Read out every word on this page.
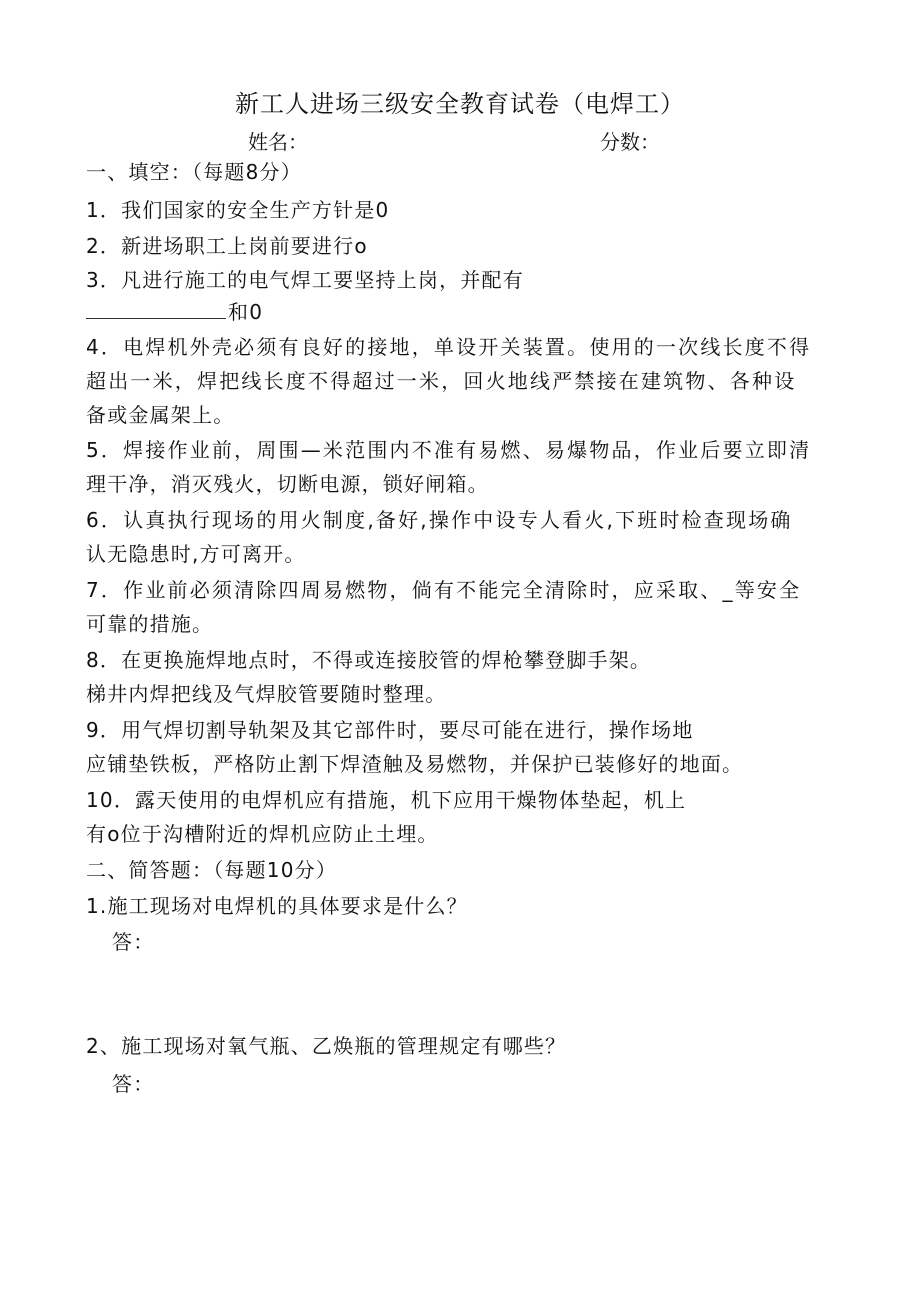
新工人进场三级安全教育试卷（电焊工）
姓名：	分数：
一、填空：（每题8分）
1．我们国家的安全生产方针是0
2．新进场职工上岗前要进行o
3．凡进行施工的电气焊工要坚持上岗，并配有
和0
4．电焊机外壳必须有良好的接地，单设开关装置。使用的一次线长度不得
超出一米，焊把线长度不得超过一米，回火地线严禁接在建筑物、各种设
备或金属架上。
5．焊接作业前，周围—米范围内不准有易燃、易爆物品，作业后要立即清
理干净，消灭残火，切断电源，锁好闸箱。
6．认真执行现场的用火制度,备好,操作中设专人看火,下班时检查现场确
认无隐患时,方可离开。
7．作业前必须清除四周易燃物，倘有不能完全清除时，应采取、_等安全
可靠的措施。
8．在更换施焊地点时，不得或连接胶管的焊枪攀登脚手架。
梯井内焊把线及气焊胶管要随时整理。
9．用气焊切割导轨架及其它部件时，要尽可能在进行，操作场地
应铺垫铁板，严格防止割下焊渣触及易燃物，并保护已装修好的地面。
10．露天使用的电焊机应有措施，机下应用干燥物体垫起，机上
有o位于沟槽附近的焊机应防止土埋。
二、简答题：（每题10分）
1.施工现场对电焊机的具体要求是什么？
答：
2、施工现场对氧气瓶、乙焕瓶的管理规定有哪些？
答：
